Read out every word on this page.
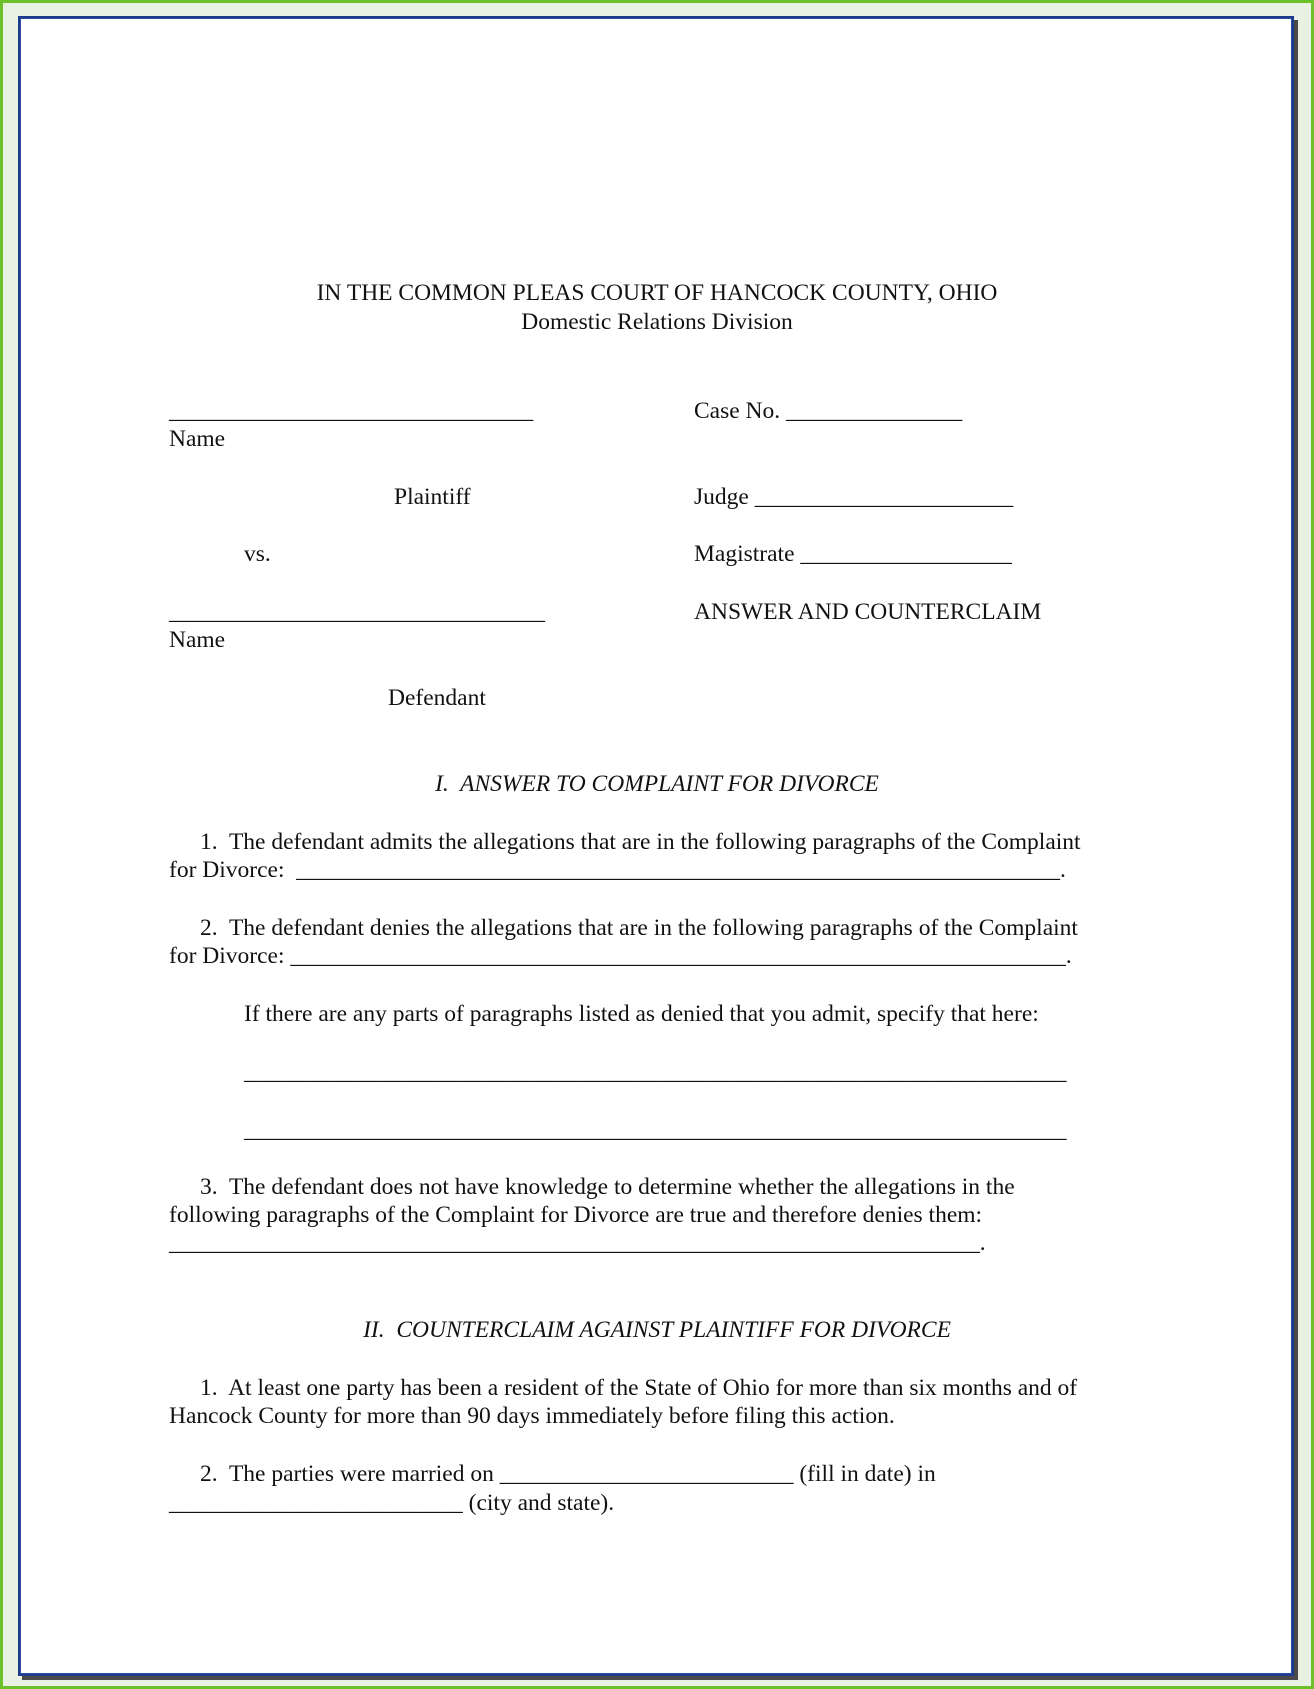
IN THE COMMON PLEAS COURT OF HANCOCK COUNTY, OHIO
Domestic Relations Division
_______________________________
Name
Plaintiff
vs.
________________________________
Name
Defendant
Case No. _______________
Judge ______________________
Magistrate __________________
ANSWER AND COUNTERCLAIM
I.  ANSWER TO COMPLAINT FOR DIVORCE
1.  The defendant admits the allegations that are in the following paragraphs of the Complaint
for Divorce:  _________________________________________________________________.
2.  The defendant denies the allegations that are in the following paragraphs of the Complaint
for Divorce: __________________________________________________________________.
If there are any parts of paragraphs listed as denied that you admit, specify that here:
______________________________________________________________________
______________________________________________________________________
3.  The defendant does not have knowledge to determine whether the allegations in the
following paragraphs of the Complaint for Divorce are true and therefore denies them:
_____________________________________________________________________.
II.  COUNTERCLAIM AGAINST PLAINTIFF FOR DIVORCE
1.  At least one party has been a resident of the State of Ohio for more than six months and of
Hancock County for more than 90 days immediately before filing this action.
2.  The parties were married on _________________________ (fill in date) in
_________________________ (city and state).
